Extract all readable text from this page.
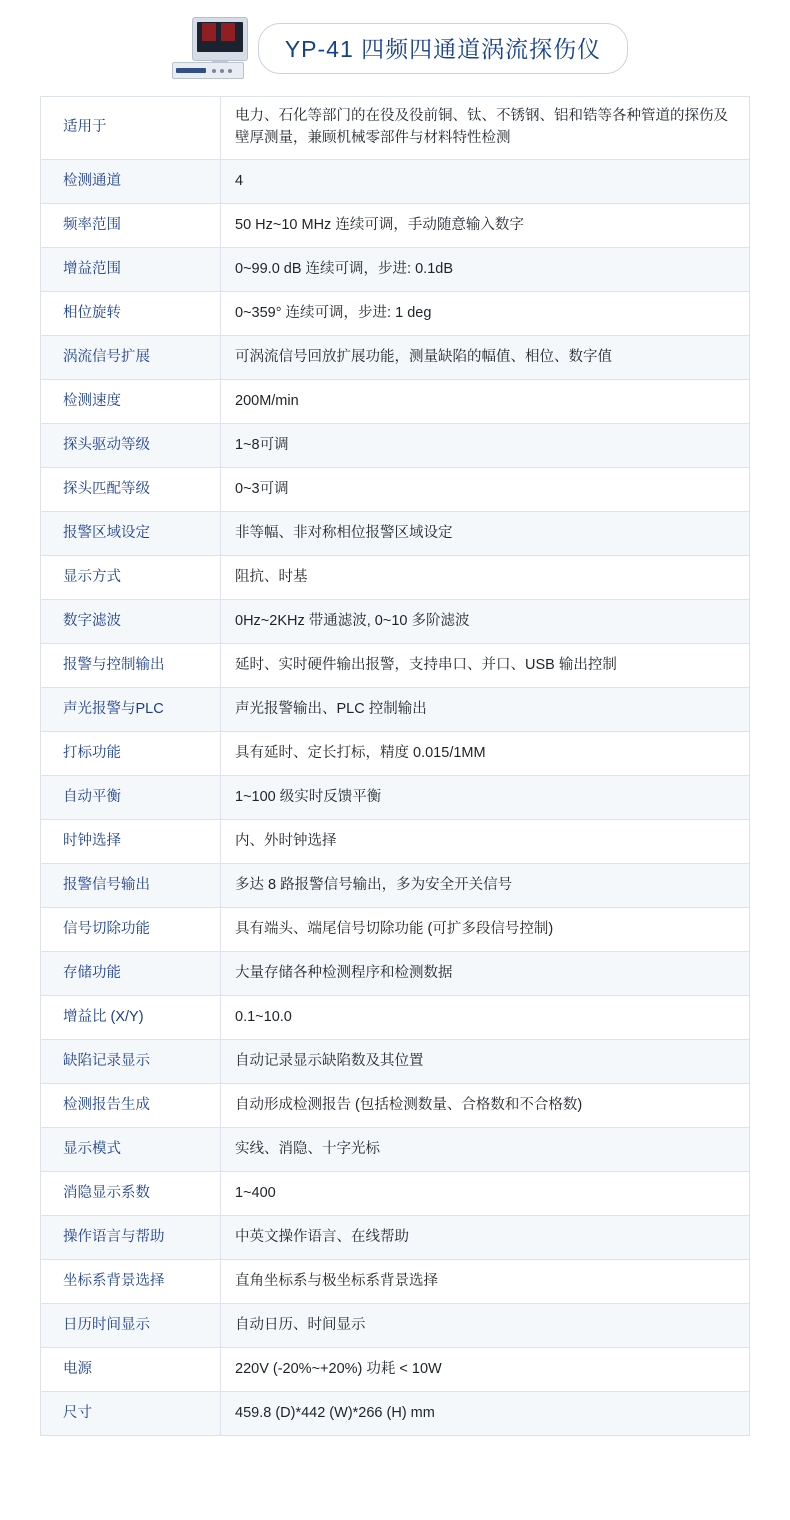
YP-41 四频四通道涡流探伤仪
适用于	电力、石化等部门的在役及役前铜、钛、不锈钢、铝和锆等各种管道的探伤及壁厚测量，兼顾机械零部件与材料特性检测
检测通道	4
频率范围	50 Hz~10 MHz 连续可调，手动随意输入数字
增益范围	0~99.0 dB 连续可调，步进: 0.1dB
相位旋转	0~359° 连续可调，步进: 1 deg
涡流信号扩展	可涡流信号回放扩展功能，测量缺陷的幅值、相位、数字值
检测速度	200M/min
探头驱动等级	1~8可调
探头匹配等级	0~3可调
报警区域设定	非等幅、非对称相位报警区域设定
显示方式	阻抗、时基
数字滤波	0Hz~2KHz 带通滤波, 0~10 多阶滤波
报警与控制输出	延时、实时硬件输出报警，支持串口、并口、USB 输出控制
声光报警与PLC	声光报警输出、PLC 控制输出
打标功能	具有延时、定长打标，精度 0.015/1MM
自动平衡	1~100 级实时反馈平衡
时钟选择	内、外时钟选择
报警信号输出	多达 8 路报警信号输出，多为安全开关信号
信号切除功能	具有端头、端尾信号切除功能 (可扩多段信号控制)
存储功能	大量存储各种检测程序和检测数据
增益比 (X/Y)	0.1~10.0
缺陷记录显示	自动记录显示缺陷数及其位置
检测报告生成	自动形成检测报告 (包括检测数量、合格数和不合格数)
显示模式	实线、消隐、十字光标
消隐显示系数	1~400
操作语言与帮助	中英文操作语言、在线帮助
坐标系背景选择	直角坐标系与极坐标系背景选择
日历时间显示	自动日历、时间显示
电源	220V (-20%~+20%) 功耗 < 10W
尺寸	459.8 (D)*442 (W)*266 (H) mm
